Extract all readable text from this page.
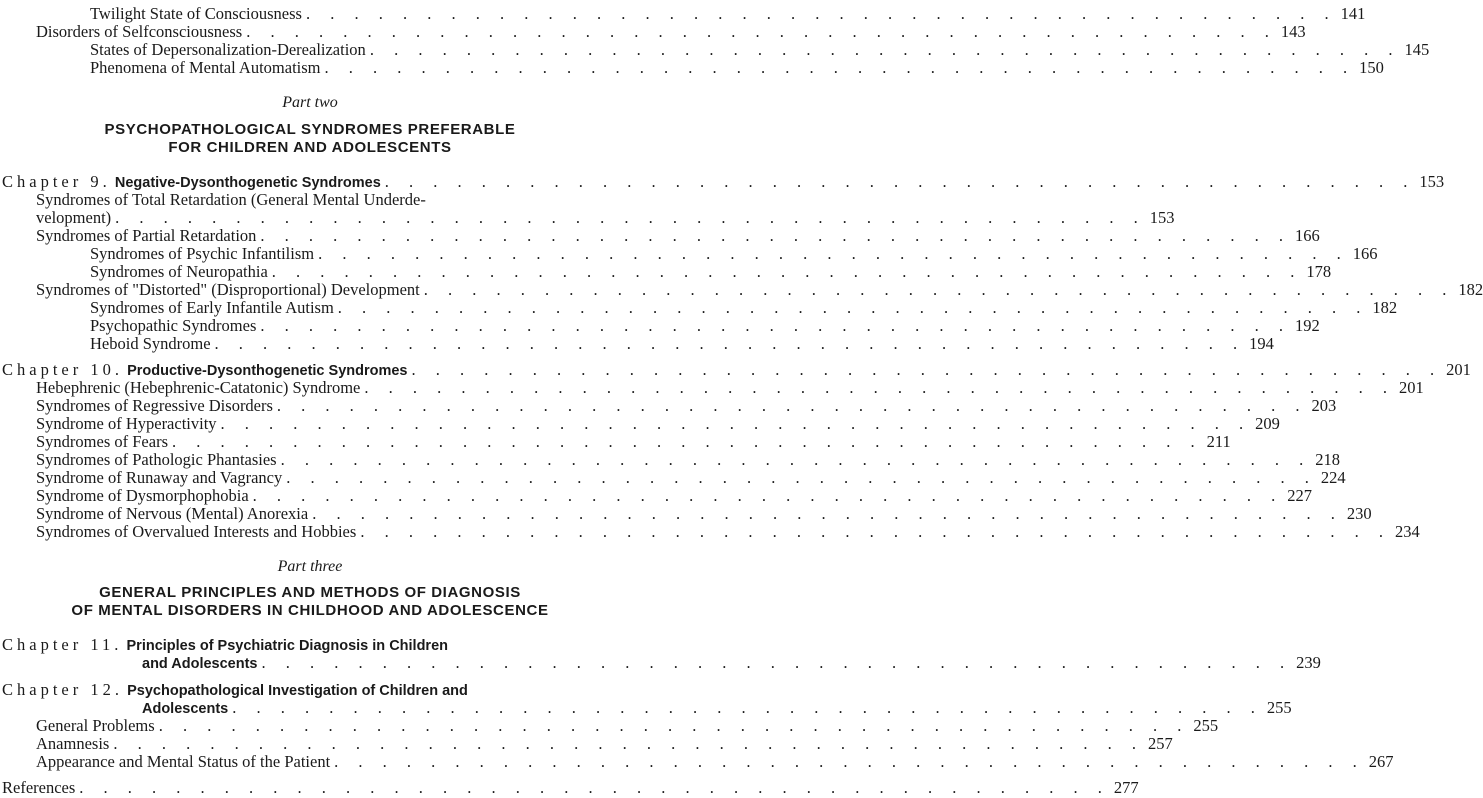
Twilight State of Consciousness . . . . . . . . . . . . . . . . . . . . . . . . . . . . . . . . . . . . . . . . . . . 141
Disorders of Selfconsciousness . . . . . . . . . . . . . . . . . . . . . . . . . . . . . . . . . . . . . . . . . . . 143
States of Depersonalization-Derealization . . . . . . . . . . . . . . . . . . . . . . . . . . . . . . . . . . . . . . . . . . . 145
Phenomena of Mental Automatism . . . . . . . . . . . . . . . . . . . . . . . . . . . . . . . . . . . . . . . . . . . 150
Part two
PSYCHOPATHOLOGICAL SYNDROMES PREFERABLE
FOR CHILDREN AND ADOLESCENTS
Chapter 9. Negative-Dysonthogenetic Syndromes . . . . . . . . . . . . . . . . . . . . . . . . . . . . . . . . . . . . . . . . . . . 153
Syndromes of Total Retardation (General Mental Underde-
velopment) . . . . . . . . . . . . . . . . . . . . . . . . . . . . . . . . . . . . . . . . . . . 153
Syndromes of Partial Retardation . . . . . . . . . . . . . . . . . . . . . . . . . . . . . . . . . . . . . . . . . . . 166
Syndromes of Psychic Infantilism . . . . . . . . . . . . . . . . . . . . . . . . . . . . . . . . . . . . . . . . . . . 166
Syndromes of Neuropathia . . . . . . . . . . . . . . . . . . . . . . . . . . . . . . . . . . . . . . . . . . . 178
Syndromes of "Distorted" (Disproportional) Development . . . . . . . . . . . . . . . . . . . . . . . . . . . . . . . . . . . . . . . . . . . 182
Syndromes of Early Infantile Autism . . . . . . . . . . . . . . . . . . . . . . . . . . . . . . . . . . . . . . . . . . . 182
Psychopathic Syndromes . . . . . . . . . . . . . . . . . . . . . . . . . . . . . . . . . . . . . . . . . . . 192
Heboid Syndrome . . . . . . . . . . . . . . . . . . . . . . . . . . . . . . . . . . . . . . . . . . . 194
Chapter 10. Productive-Dysonthogenetic Syndromes . . . . . . . . . . . . . . . . . . . . . . . . . . . . . . . . . . . . . . . . . . . 201
Hebephrenic (Hebephrenic-Catatonic) Syndrome . . . . . . . . . . . . . . . . . . . . . . . . . . . . . . . . . . . . . . . . . . . 201
Syndromes of Regressive Disorders . . . . . . . . . . . . . . . . . . . . . . . . . . . . . . . . . . . . . . . . . . . 203
Syndrome of Hyperactivity . . . . . . . . . . . . . . . . . . . . . . . . . . . . . . . . . . . . . . . . . . . 209
Syndromes of Fears . . . . . . . . . . . . . . . . . . . . . . . . . . . . . . . . . . . . . . . . . . . 211
Syndromes of Pathologic Phantasies . . . . . . . . . . . . . . . . . . . . . . . . . . . . . . . . . . . . . . . . . . . 218
Syndrome of Runaway and Vagrancy . . . . . . . . . . . . . . . . . . . . . . . . . . . . . . . . . . . . . . . . . . . 224
Syndrome of Dysmorphophobia . . . . . . . . . . . . . . . . . . . . . . . . . . . . . . . . . . . . . . . . . . . 227
Syndrome of Nervous (Mental) Anorexia . . . . . . . . . . . . . . . . . . . . . . . . . . . . . . . . . . . . . . . . . . . 230
Syndromes of Overvalued Interests and Hobbies . . . . . . . . . . . . . . . . . . . . . . . . . . . . . . . . . . . . . . . . . . . 234
Part three
GENERAL PRINCIPLES AND METHODS OF DIAGNOSIS
OF MENTAL DISORDERS IN CHILDHOOD AND ADOLESCENCE
Chapter 11. Principles of Psychiatric Diagnosis in Children
and Adolescents . . . . . . . . . . . . . . . . . . . . . . . . . . . . . . . . . . . . . . . . . . . 239
Chapter 12. Psychopathological Investigation of Children and
Adolescents . . . . . . . . . . . . . . . . . . . . . . . . . . . . . . . . . . . . . . . . . . . 255
General Problems . . . . . . . . . . . . . . . . . . . . . . . . . . . . . . . . . . . . . . . . . . . 255
Anamnesis . . . . . . . . . . . . . . . . . . . . . . . . . . . . . . . . . . . . . . . . . . . 257
Appearance and Mental Status of the Patient . . . . . . . . . . . . . . . . . . . . . . . . . . . . . . . . . . . . . . . . . . . 267
References . . . . . . . . . . . . . . . . . . . . . . . . . . . . . . . . . . . . . . . . . . . 277
